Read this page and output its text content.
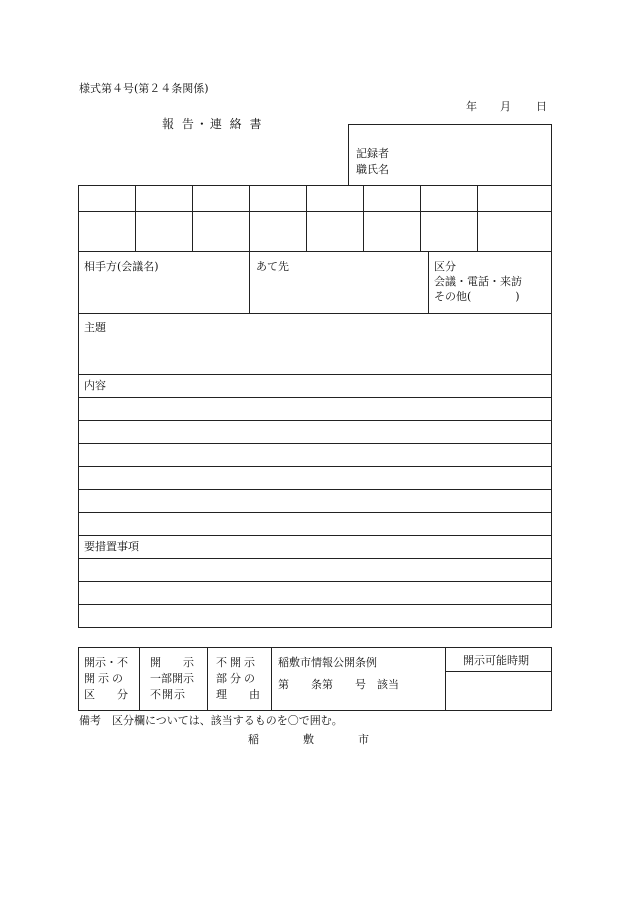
様式第４号(第２４条関係)
年 月 日
報 告・連 絡 書
記録者
職氏名
相手方(会議名)	あて先	区分
会議・電話・来訪
その他(　　　　)
主題
内容
要措置事項
開示・不
開示の
区　　分
開　　示
一部開示
不開示
不開示
部分の
理　　由
稲敷市情報公開条例
第　　条第　　号　該当
開示可能時期
備考　区分欄については、該当するものを〇で囲む。
稲　　　　敷　　　　市
